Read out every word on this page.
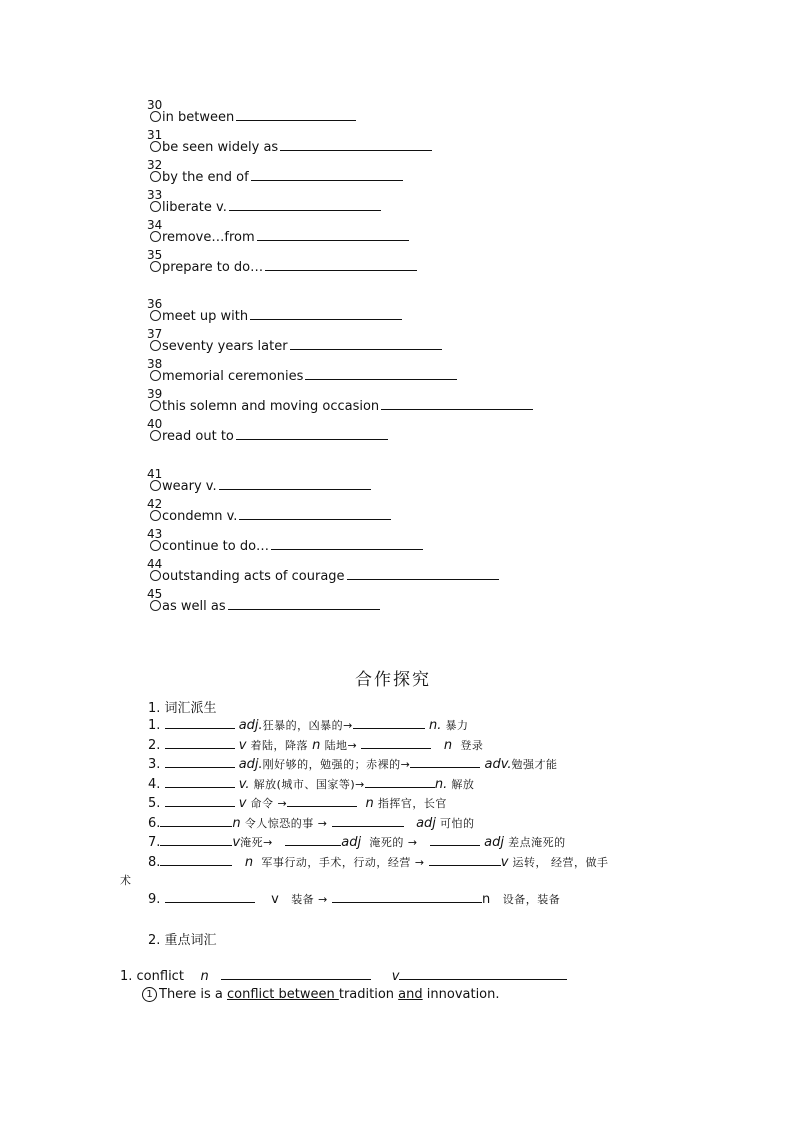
30
in between
31
be seen widely as
32
by the end of
33
liberate v.
34
remove…from
35
prepare to do…
36
meet up with
37
seventy years later
38
memorial ceremonies
39
this solemn and moving occasion
40
read out to
41
weary v.
42
condemn v.
43
continue to do…
44
outstanding acts of courage
45
as well as
合作探究
1. 词汇派生
1.	adj.狂暴的，凶暴的→	n. 暴力
2.	v 着陆，降落 n 陆地→	n 登录
3.	adj.刚好够的，勉强的；赤裸的→	adv.勉强才能
4.	v. 解放(城市、国家等)→	n. 解放
5.	v 命令 →	n 指挥官，长官
6.	n 令人惊恐的事 →	adj 可怕的
7.	v淹死→	adj 淹死的 →	adj 差点淹死的
8.	n 军事行动，手术，行动，经营 →	v 运转， 经营，做手
术
9.	v 装备 →	n 设备，装备
2. 重点词汇
1. conflict n	v
1 There is a conflict between tradition and innovation.
